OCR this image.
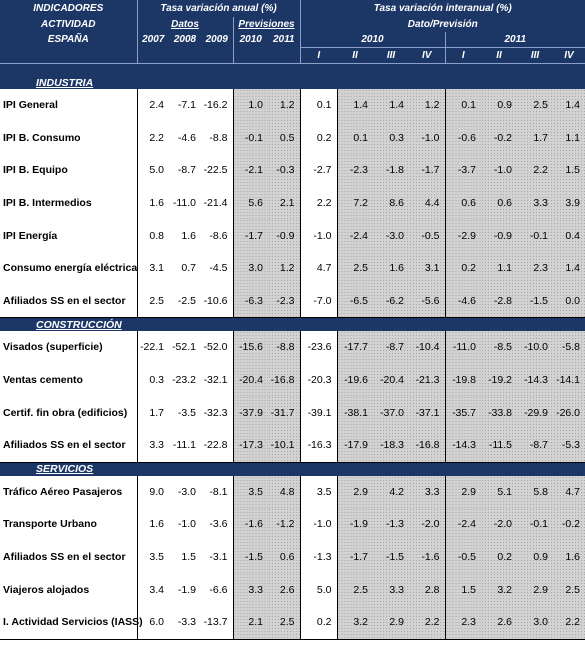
INDICADORES	Tasa variación anual (%)					Tasa variación interanual (%)							
ACTIVIDAD	Datos			Previsiones		Dato/Previsión							
ESPAÑA	2007	2008	2009	2010	2011	2010				2011			
						I	II	III	IV	I	II	III	IV

INDUSTRIA													
IPI General	2.4	-7.1	-16.2	1.0	1.2	0.1	1.4	1.4	1.2	0.1	0.9	2.5	1.4
IPI B. Consumo	2.2	-4.6	-8.8	-0.1	0.5	0.2	0.1	0.3	-1.0	-0.6	-0.2	1.7	1.1
IPI B. Equipo	5.0	-8.7	-22.5	-2.1	-0.3	-2.7	-2.3	-1.8	-1.7	-3.7	-1.0	2.2	1.5
IPI B. Intermedios	1.6	-11.0	-21.4	5.6	2.1	2.2	7.2	8.6	4.4	0.6	0.6	3.3	3.9
IPI Energía	0.8	1.6	-8.6	-1.7	-0.9	-1.0	-2.4	-3.0	-0.5	-2.9	-0.9	-0.1	0.4
Consumo energía eléctrica	3.1	0.7	-4.5	3.0	1.2	4.7	2.5	1.6	3.1	0.2	1.1	2.3	1.4
Afiliados SS en el sector	2.5	-2.5	-10.6	-6.3	-2.3	-7.0	-6.5	-6.2	-5.6	-4.6	-2.8	-1.5	0.0
CONSTRUCCIÓN													
Visados (superficie)	-22.1	-52.1	-52.0	-15.6	-8.8	-23.6	-17.7	-8.7	-10.4	-11.0	-8.5	-10.0	-5.8
Ventas cemento	0.3	-23.2	-32.1	-20.4	-16.8	-20.3	-19.6	-20.4	-21.3	-19.8	-19.2	-14.3	-14.1
Certif. fin obra (edificios)	1.7	-3.5	-32.3	-37.9	-31.7	-39.1	-38.1	-37.0	-37.1	-35.7	-33.8	-29.9	-26.0
Afiliados SS en el sector	3.3	-11.1	-22.8	-17.3	-10.1	-16.3	-17.9	-18.3	-16.8	-14.3	-11.5	-8.7	-5.3
SERVICIOS													
Tráfico Aéreo Pasajeros	9.0	-3.0	-8.1	3.5	4.8	3.5	2.9	4.2	3.3	2.9	5.1	5.8	4.7
Transporte Urbano	1.6	-1.0	-3.6	-1.6	-1.2	-1.0	-1.9	-1.3	-2.0	-2.4	-2.0	-0.1	-0.2
Afiliados SS en el sector	3.5	1.5	-3.1	-1.5	0.6	-1.3	-1.7	-1.5	-1.6	-0.5	0.2	0.9	1.6
Viajeros alojados	3.4	-1.9	-6.6	3.3	2.6	5.0	2.5	3.3	2.8	1.5	3.2	2.9	2.5
I. Actividad Servicios (IASS)	6.0	-3.3	-13.7	2.1	2.5	0.2	3.2	2.9	2.2	2.3	2.6	3.0	2.2
